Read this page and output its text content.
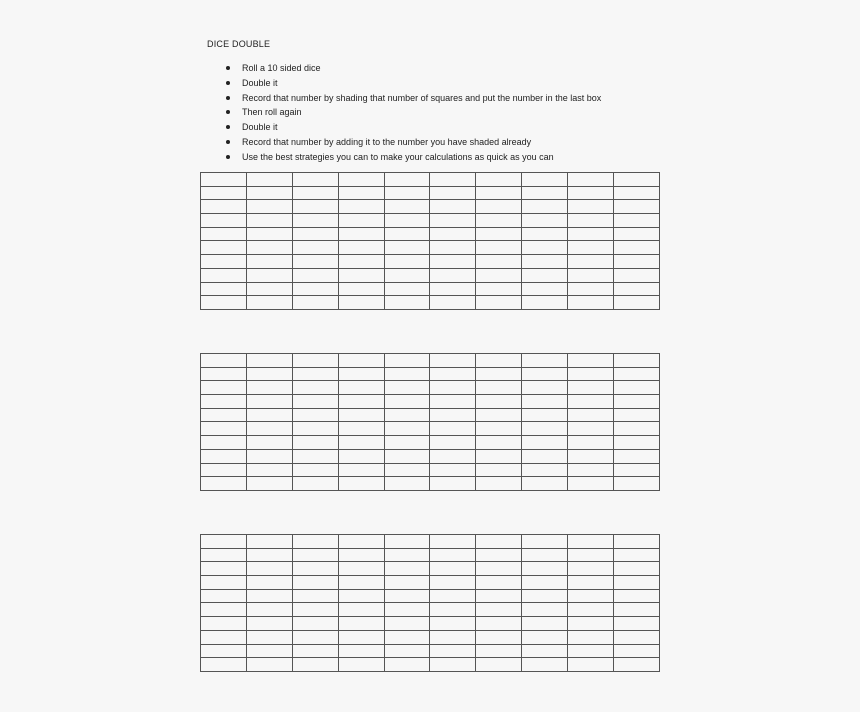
DICE DOUBLE
Roll a 10 sided dice
Double it
Record that number by shading that number of squares and put the number in the last box
Then roll again
Double it
Record that number by adding it to the number you have shaded already
Use the best strategies you can to make your calculations as quick as you can
